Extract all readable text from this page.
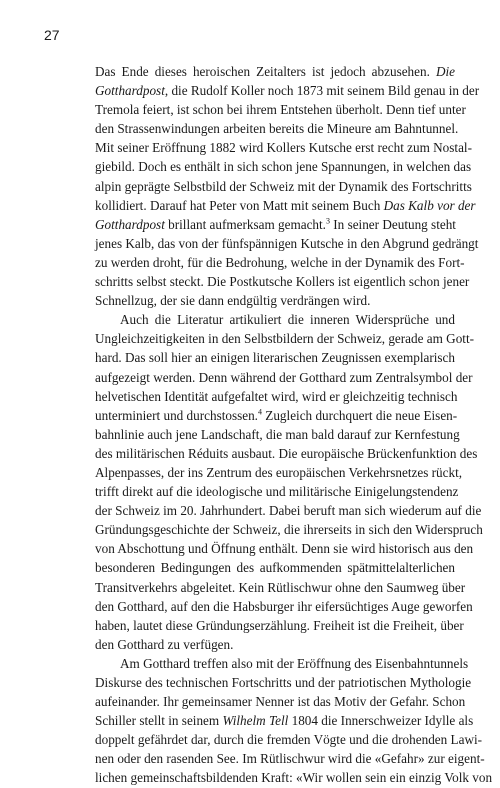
27
Das Ende dieses heroischen Zeitalters ist jedoch abzusehen. Die
Gotthardpost, die Rudolf Koller noch 1873 mit seinem Bild genau in der
Tremola feiert, ist schon bei ihrem Entstehen überholt. Denn tief unter
den Strassenwindungen arbeiten bereits die Mineure am Bahntunnel.
Mit seiner Eröffnung 1882 wird Kollers Kutsche erst recht zum Nostal-
giebild. Doch es enthält in sich schon jene Spannungen, in welchen das
alpin geprägte Selbstbild der Schweiz mit der Dynamik des Fortschritts
kollidiert. Darauf hat Peter von Matt mit seinem Buch Das Kalb vor der
Gotthardpost brillant aufmerksam gemacht.$^3$ In seiner Deutung steht
jenes Kalb, das von der fünfspännigen Kutsche in den Abgrund gedrängt
zu werden droht, für die Bedrohung, welche in der Dynamik des Fort-
schritts selbst steckt. Die Postkutsche Kollers ist eigentlich schon jener
Schnellzug, der sie dann endgültig verdrängen wird.
Auch die Literatur artikuliert die inneren Widersprüche und
Ungleichzeitigkeiten in den Selbstbildern der Schweiz, gerade am Gott-
hard. Das soll hier an einigen literarischen Zeugnissen exemplarisch
aufgezeigt werden. Denn während der Gotthard zum Zentralsymbol der
helvetischen Identität aufgefaltet wird, wird er gleichzeitig technisch
unterminiert und durchstossen.$^4$ Zugleich durchquert die neue Eisen-
bahnlinie auch jene Landschaft, die man bald darauf zur Kernfestung
des militärischen Réduits ausbaut. Die europäische Brückenfunktion des
Alpenpasses, der ins Zentrum des europäischen Verkehrsnetzes rückt,
trifft direkt auf die ideologische und militärische Einigelungstendenz
der Schweiz im 20. Jahrhundert. Dabei beruft man sich wiederum auf die
Gründungsgeschichte der Schweiz, die ihrerseits in sich den Widerspruch
von Abschottung und Öffnung enthält. Denn sie wird historisch aus den
besonderen Bedingungen des aufkommenden spätmittelalterlichen
Transitverkehrs abgeleitet. Kein Rütlischwur ohne den Saumweg über
den Gotthard, auf den die Habsburger ihr eifersüchtiges Auge geworfen
haben, lautet diese Gründungserzählung. Freiheit ist die Freiheit, über
den Gotthard zu verfügen.
Am Gotthard treffen also mit der Eröffnung des Eisenbahntunnels
Diskurse des technischen Fortschritts und der patriotischen Mythologie
aufeinander. Ihr gemeinsamer Nenner ist das Motiv der Gefahr. Schon
Schiller stellt in seinem Wilhelm Tell 1804 die Innerschweizer Idylle als
doppelt gefährdet dar, durch die fremden Vögte und die drohenden Lawi-
nen oder den rasenden See. Im Rütlischwur wird die «Gefahr» zur eigent-
lichen gemeinschaftsbildenden Kraft: «Wir wollen sein ein einzig Volk von
